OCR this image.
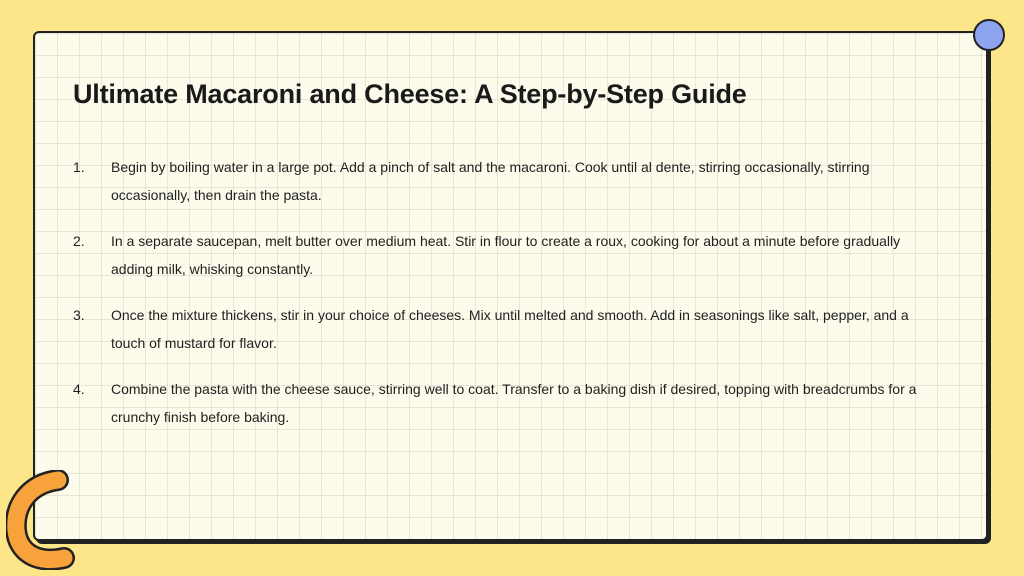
Ultimate Macaroni and Cheese: A Step-by-Step Guide
1.	Begin by boiling water in a large pot. Add a pinch of salt and the macaroni. Cook until al dente, stirring occasionally, stirring occasionally, then drain the pasta.
2.	In a separate saucepan, melt butter over medium heat. Stir in flour to create a roux, cooking for about a minute before gradually adding milk, whisking constantly.
3.	Once the mixture thickens, stir in your choice of cheeses. Mix until melted and smooth. Add in seasonings like salt, pepper, and a touch of mustard for flavor.
4.	Combine the pasta with the cheese sauce, stirring well to coat. Transfer to a baking dish if desired, topping with breadcrumbs for a crunchy finish before baking.
